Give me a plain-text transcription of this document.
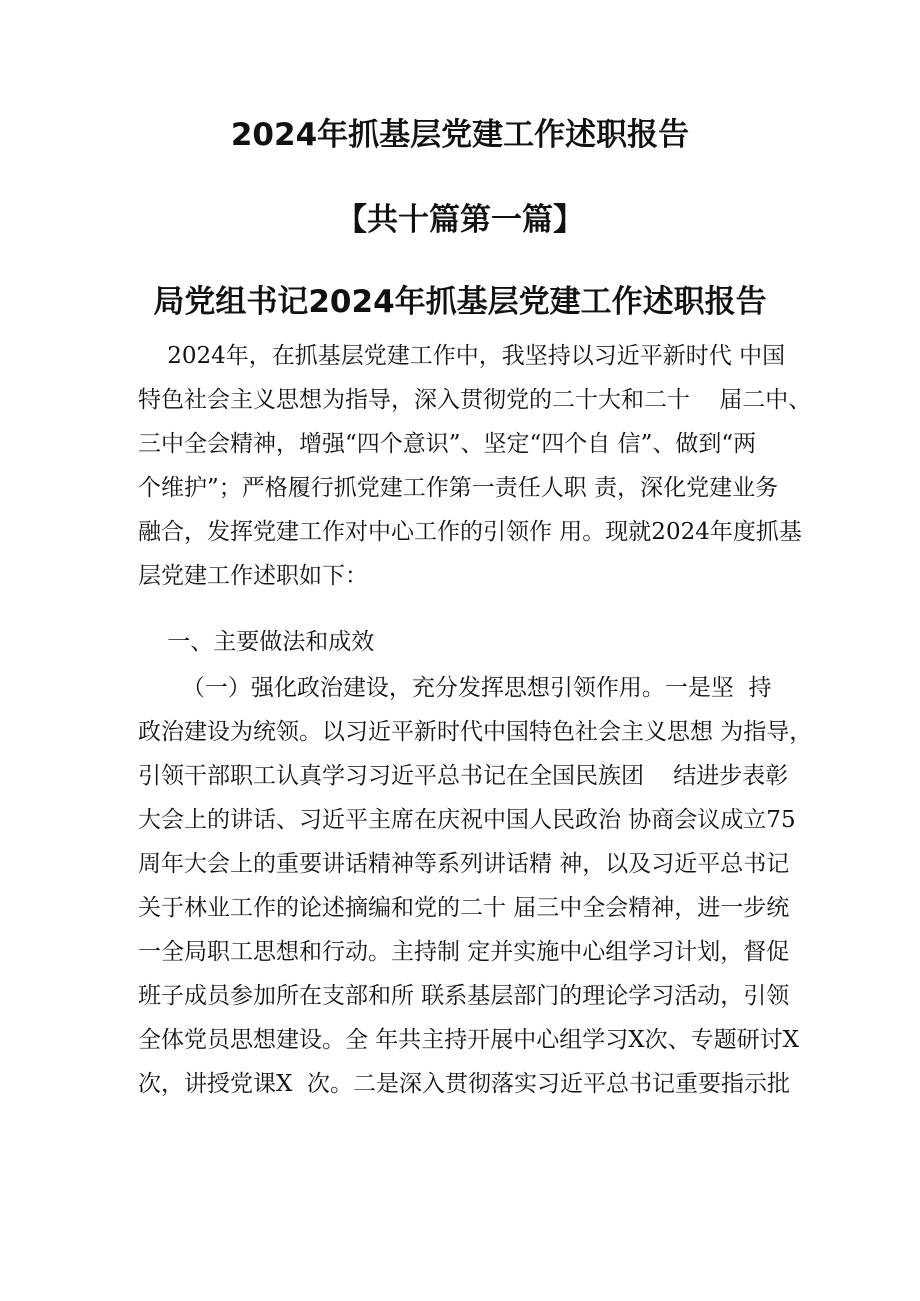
2024年抓基层党建工作述职报告
【共十篇第一篇】
局党组书记2024年抓基层党建工作述职报告
2024年，在抓基层党建工作中，我坚持以习近平新时代 中国
特色社会主义思想为指导，深入贯彻党的二十大和二十    届二中、
三中全会精神，增强“四个意识”、坚定“四个自 信”、做到“两
个维护”；严格履行抓党建工作第一责任人职 责，深化党建业务
融合，发挥党建工作对中心工作的引领作 用。现就2024年度抓基
层党建工作述职如下：
一、主要做法和成效
（一）强化政治建设，充分发挥思想引领作用。一是坚  持
政治建设为统领。以习近平新时代中国特色社会主义思想 为指导，
引领干部职工认真学习习近平总书记在全国民族团    结进步表彰
大会上的讲话、习近平主席在庆祝中国人民政治 协商会议成立75
周年大会上的重要讲话精神等系列讲话精 神，以及习近平总书记
关于林业工作的论述摘编和党的二十 届三中全会精神，进一步统
一全局职工思想和行动。主持制 定并实施中心组学习计划，督促
班子成员参加所在支部和所 联系基层部门的理论学习活动，引领
全体党员思想建设。全 年共主持开展中心组学习X次、专题研讨X
次，讲授党课X  次。二是深入贯彻落实习近平总书记重要指示批
